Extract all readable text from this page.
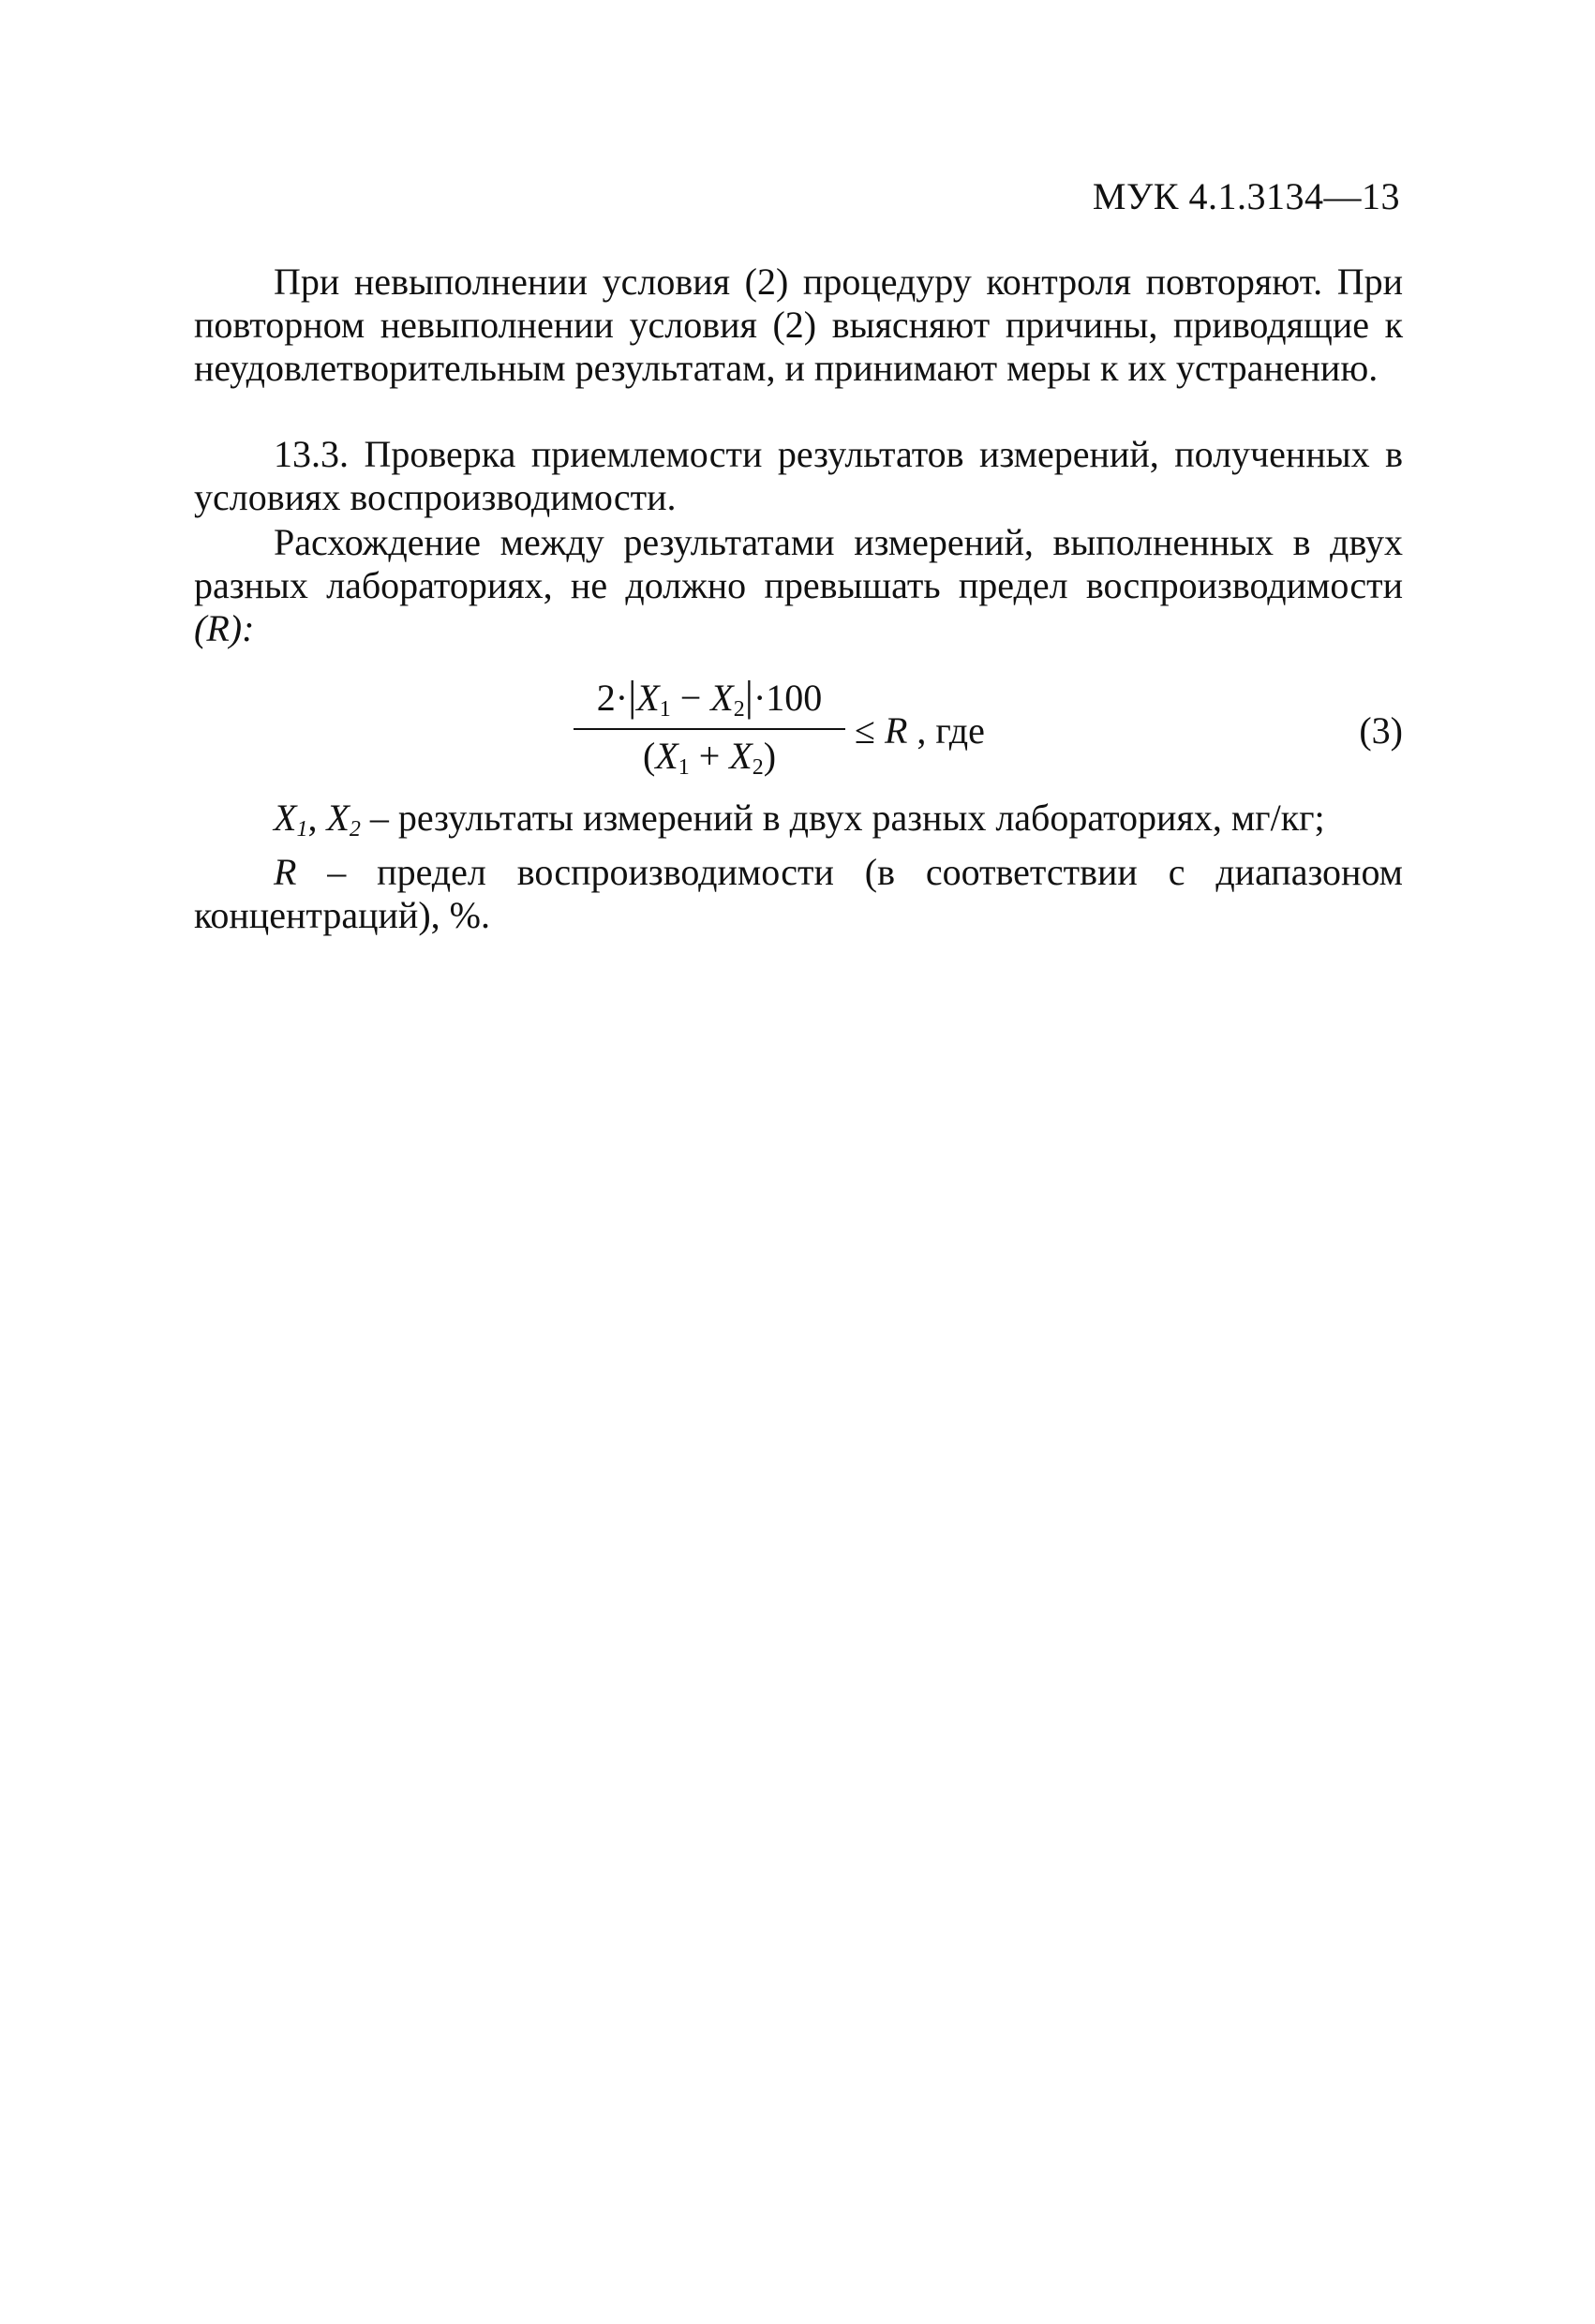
МУК 4.1.3134—13

При невыполнении условия (2) процедуру контроля повторяют. При повторном невыполнении условия (2) выясняют причины, приводящие к неудовлетворительным результатам, и принимают меры к их устранению.

13.3. Проверка приемлемости результатов измерений, полученных в условиях воспроизводимости.

Расхождение между результатами измерений, выполненных в двух разных лабораториях, не должно превышать предел воспроизводимости (R):

$\frac{2\cdot|X_1 - X_2|\cdot 100}{(X_1 + X_2)} \le R$ , где	(3)

$X_1$, $X_2$ – результаты измерений в двух разных лабораториях, мг/кг;

R – предел воспроизводимости (в соответствии с диапазоном концентраций), %.
